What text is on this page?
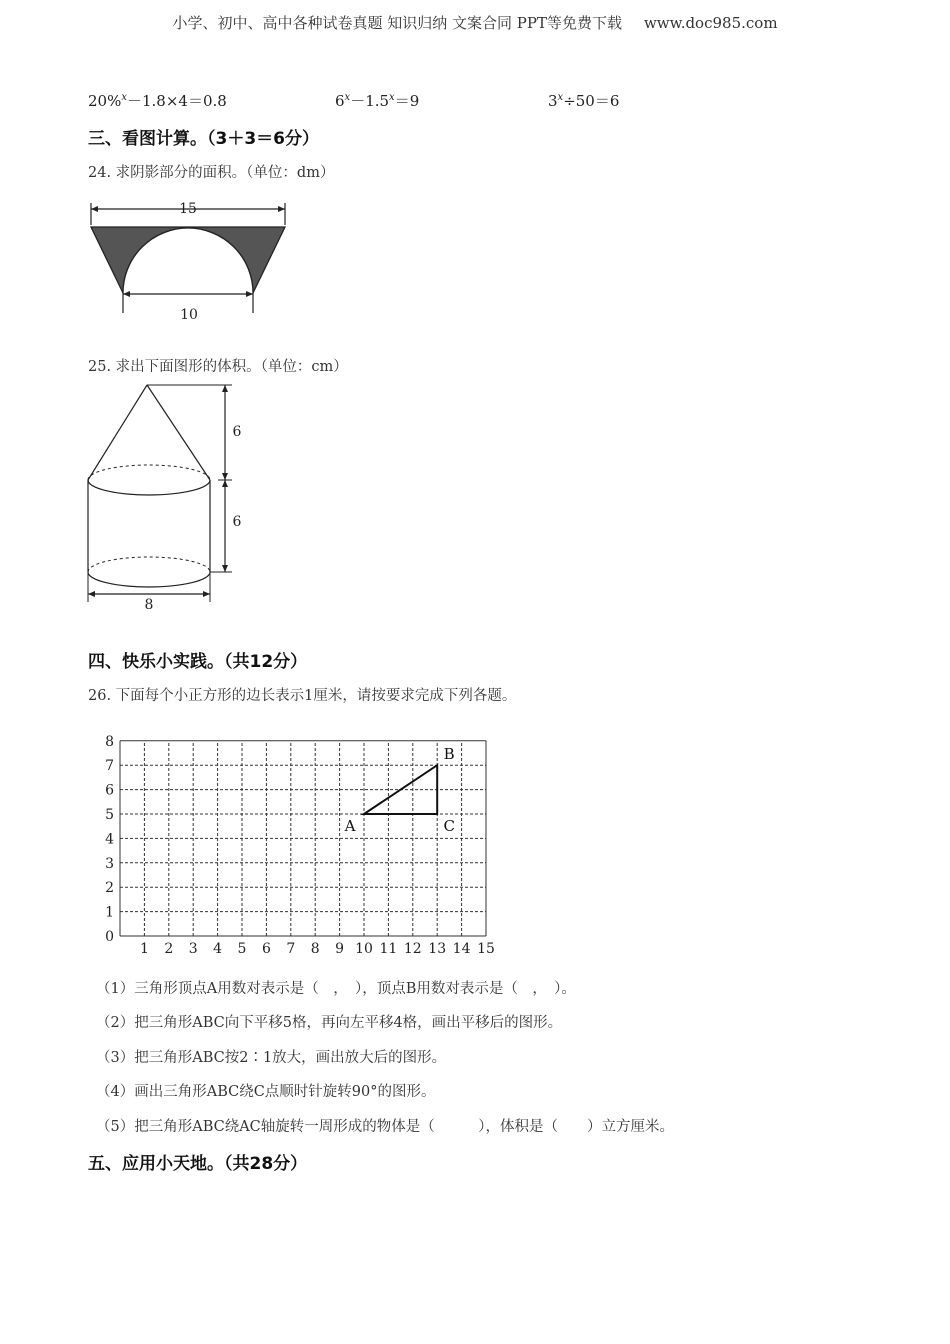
小学、初中、高中各种试卷真题 知识归纳 文案合同 PPT等免费下载 www.doc985.com
20%$^x$－1.8×4＝0.8	$6^x-1.5^x=9$	$3^x\div 50=6$
三、看图计算。（3＋3＝6分）
24. 求阴影部分的面积。（单位：dm）
15
10
25. 求出下面图形的体积。（单位：cm）
6
6
8
四、快乐小实践。（共12分）
26. 下面每个小正方形的边长表示1厘米，请按要求完成下列各题。
1 2 3 4 5 6 7 8 9 10 11 12 13 14 15
0
1
2
3
4
5
6
7
8
A
B
C
（1）三角形顶点A用数对表示是（　，　），顶点B用数对表示是（　，　）。
（2）把三角形ABC向下平移5格，再向左平移4格，画出平移后的图形。
（3）把三角形ABC按2∶1放大，画出放大后的图形。
（4）画出三角形ABC绕C点顺时针旋转90°的图形。
（5）把三角形ABC绕AC轴旋转一周形成的物体是（　　　），体积是（　　）立方厘米。
五、应用小天地。（共28分）
